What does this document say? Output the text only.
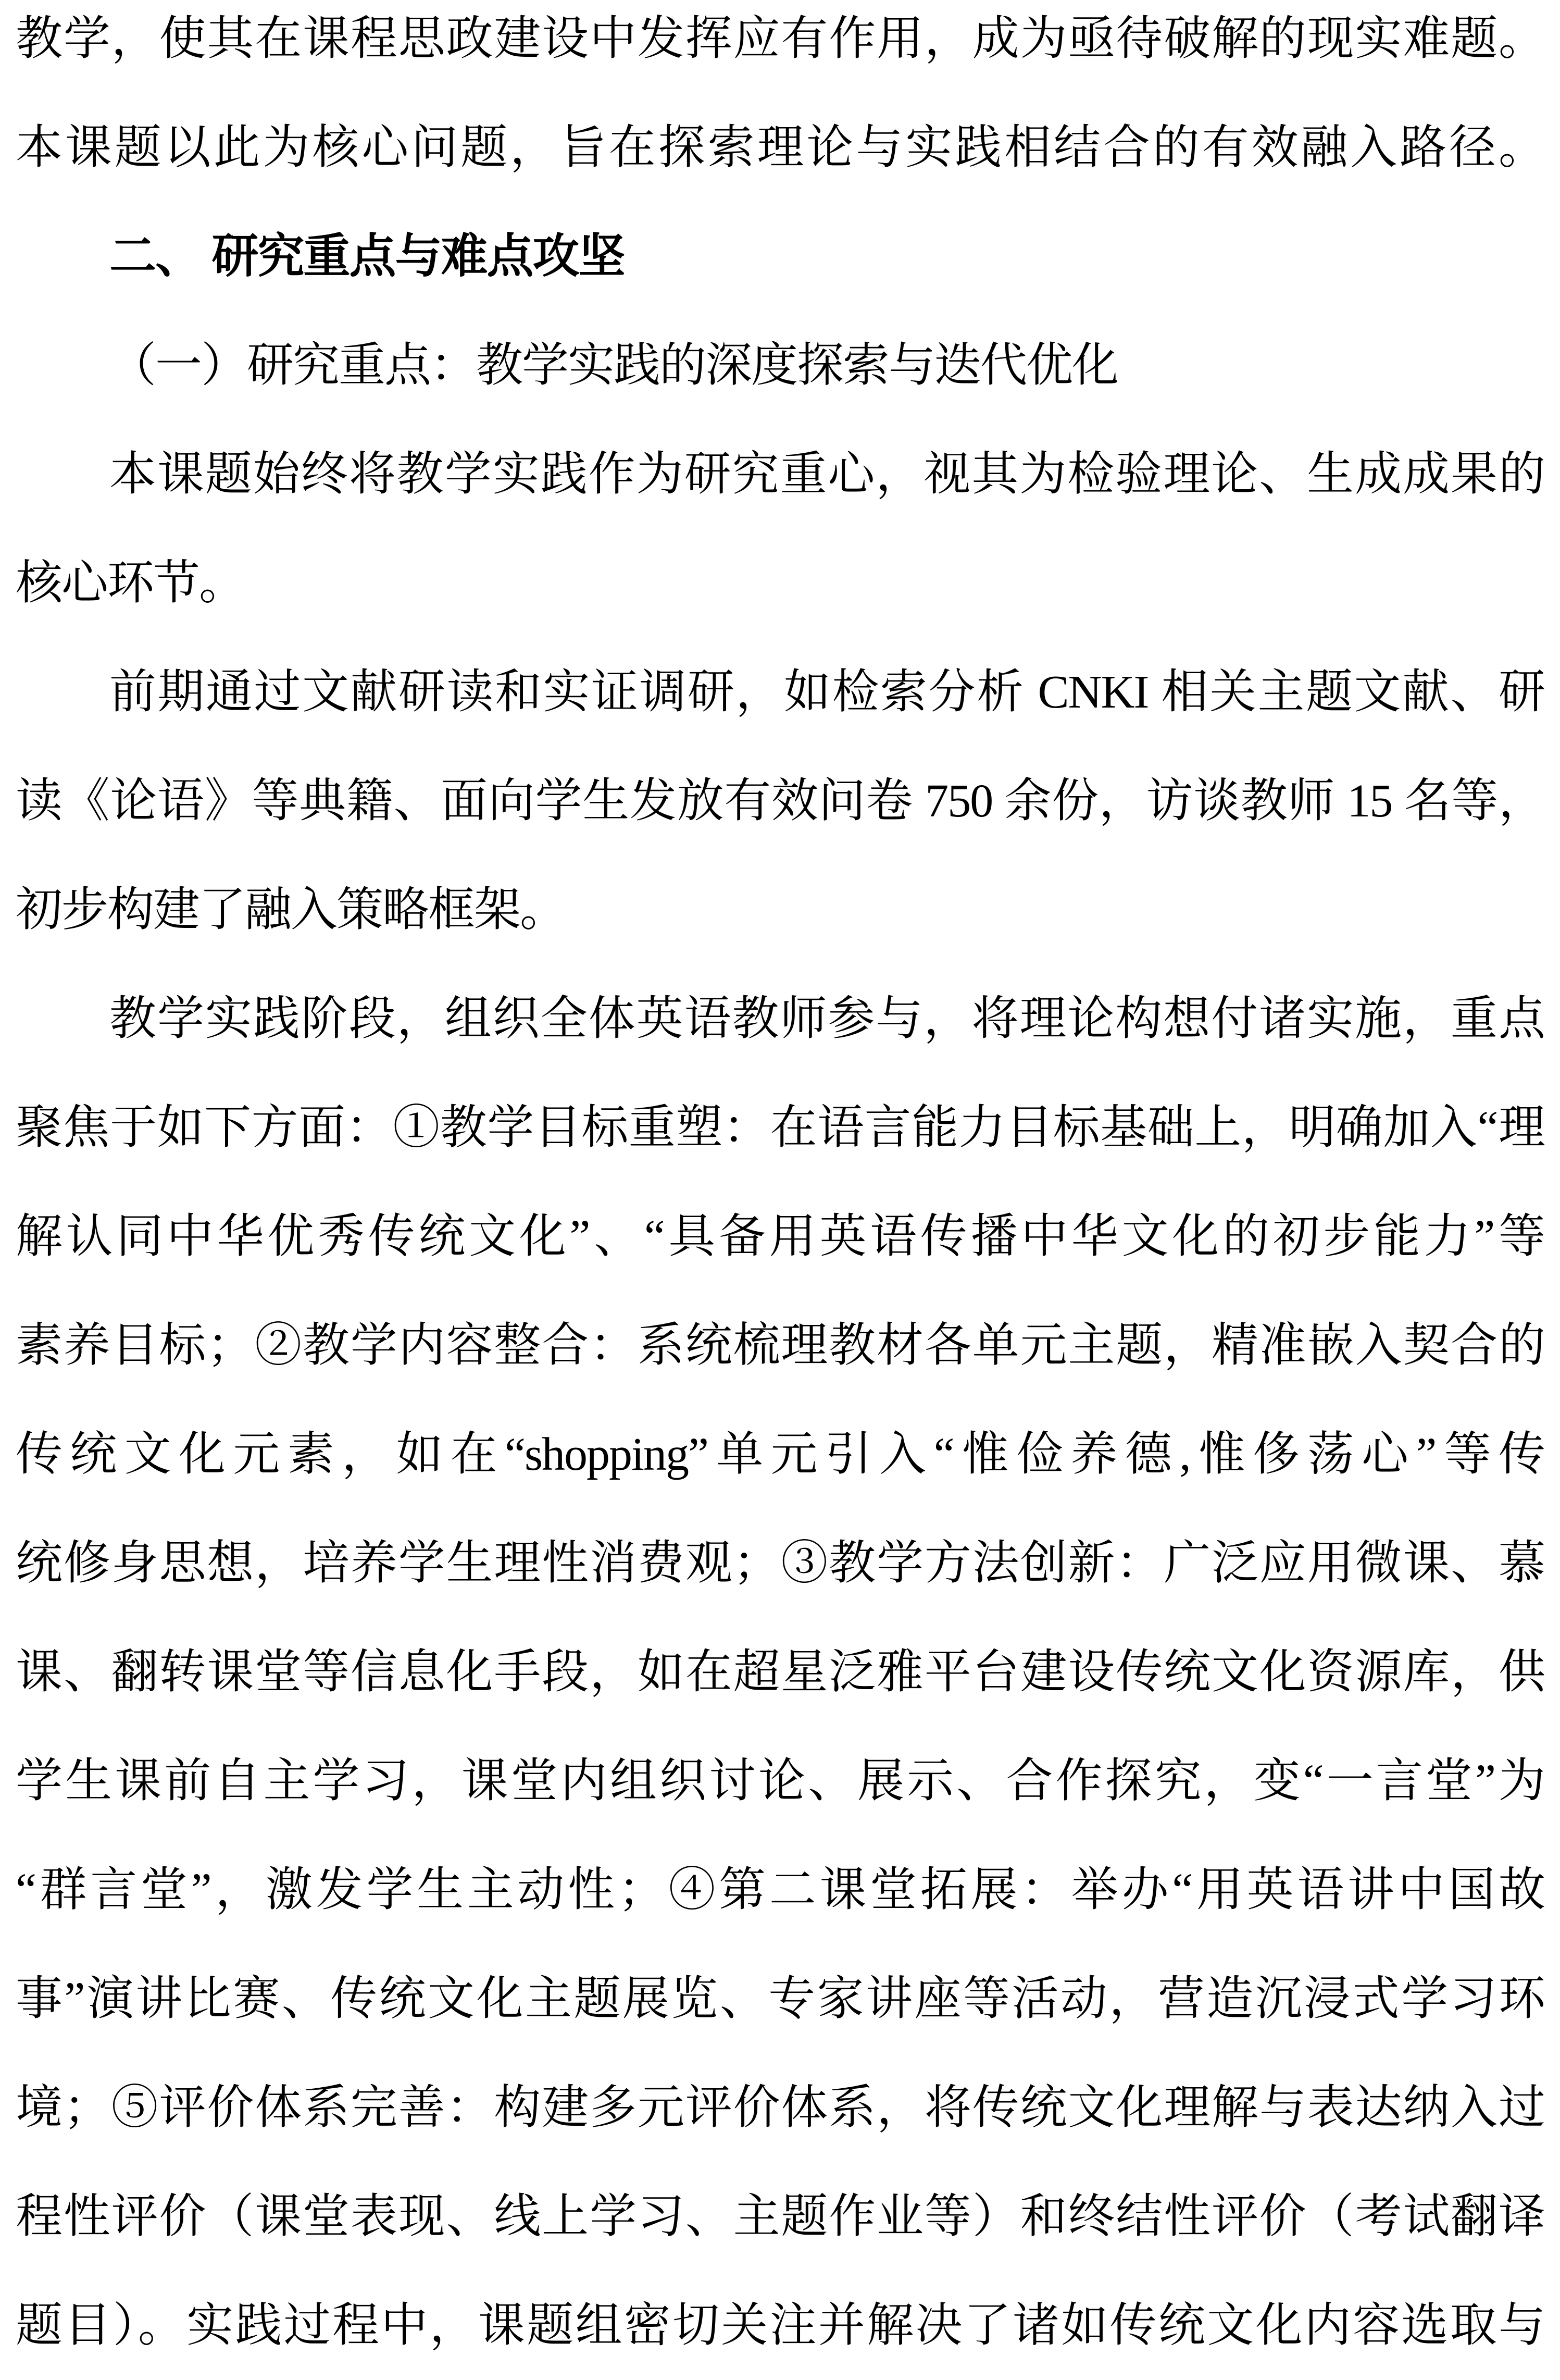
教学，使其在课程思政建设中发挥应有作用，成为亟待破解的现实难题。
本课题以此为核心问题，旨在探索理论与实践相结合的有效融入路径。
二、 研究重点与难点攻坚
（一）研究重点：教学实践的深度探索与迭代优化
本课题始终将教学实践作为研究重心，视其为检验理论、生成成果的
核心环节。
前期通过文献研读和实证调研，如检索分析 CNKI 相关主题文献、研
读《论语》等典籍、面向学生发放有效问卷 750 余份，访谈教师 15 名等，
初步构建了融入策略框架。
教学实践阶段，组织全体英语教师参与，将理论构想付诸实施，重点
聚焦于如下方面：①教学目标重塑：在语言能力目标基础上，明确加入“理
解认同中华优秀传统文化”、“具备用英语传播中华文化的初步能力”等
素养目标；②教学内容整合：系统梳理教材各单元主题，精准嵌入契合的
传统文化元素，如在“shopping”单元引入“惟俭养德,惟侈荡心”等传
统修身思想，培养学生理性消费观；③教学方法创新：广泛应用微课、慕
课、翻转课堂等信息化手段，如在超星泛雅平台建设传统文化资源库，供
学生课前自主学习，课堂内组织讨论、展示、合作探究，变“一言堂”为
“群言堂”，激发学生主动性；④第二课堂拓展：举办“用英语讲中国故
事”演讲比赛、传统文化主题展览、专家讲座等活动，营造沉浸式学习环
境；⑤评价体系完善：构建多元评价体系，将传统文化理解与表达纳入过
程性评价（课堂表现、线上学习、主题作业等）和终结性评价（考试翻译
题目）。实践过程中，课题组密切关注并解决了诸如传统文化内容选取与
